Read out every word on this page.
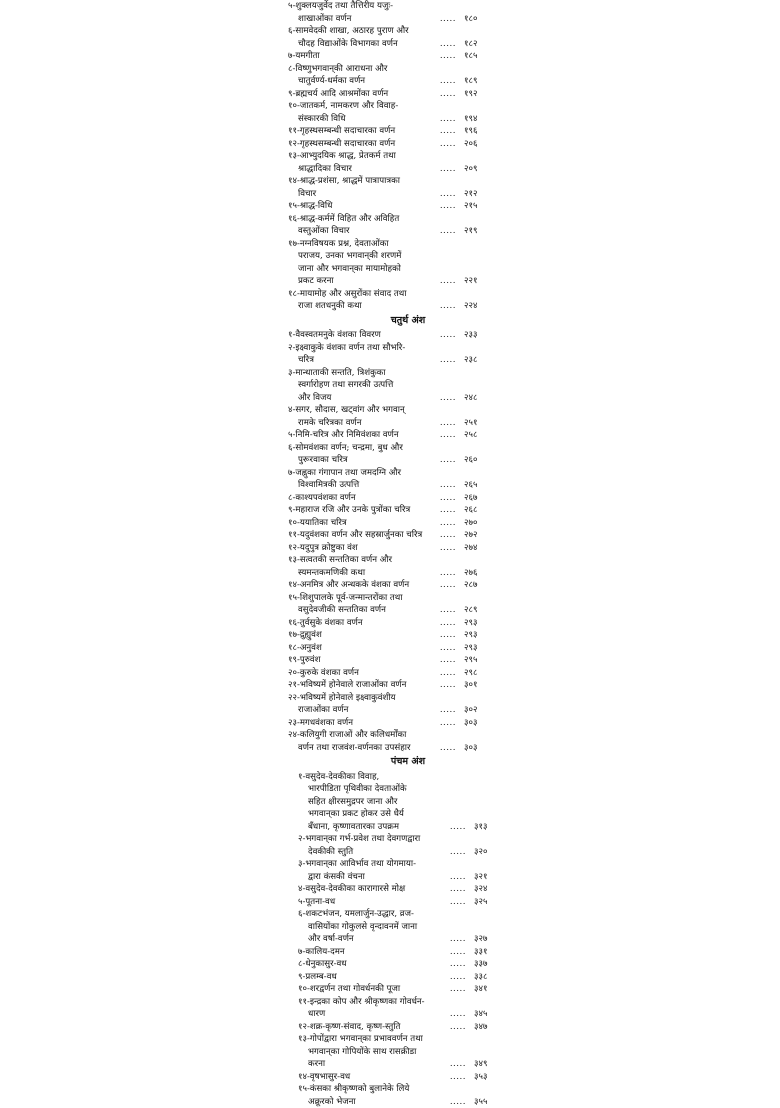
५-शुक्लयजुर्वेद तथा तैत्तिरीय यजुः-
शाखाओंका वर्णन	..... १८०
६-सामवेदकी शाखा, अठारह पुराण और
चौदह विद्याओंके विभागका वर्णन	..... १८२
७-यमगीता	..... १८५
८-विष्णुभगवान्‌की आराधना और
चातुर्वर्ण्य-धर्मका वर्णन	..... १८९
९-ब्रह्मचर्य आदि आश्रमोंका वर्णन	..... १९२
१०-जातकर्म, नामकरण और विवाह-
संस्कारकी विधि	..... १९४
११-गृहस्थसम्बन्धी सदाचारका वर्णन	..... १९६
१२-गृहस्थसम्बन्धी सदाचारका वर्णन	..... २०६
१३-आभ्युदयिक श्राद्ध, प्रेतकर्म तथा
श्राद्धादिका विचार	..... २०९
१४-श्राद्ध-प्रशंसा, श्राद्धमें पात्रापात्रका
विचार	..... २१२
१५-श्राद्ध-विधि	..... २१५
१६-श्राद्ध-कर्ममें विहित और अविहित
वस्तुओंका विचार	..... २१९
१७-नग्नविषयक प्रश्न, देवताओंका
पराजय, उनका भगवान्‌की शरणमें
जाना और भगवान्‌का मायामोहको
प्रकट करना	..... २२१
१८-मायामोह और असुरोंका संवाद तथा
राजा शतधनुकी कथा	..... २२४
चतुर्थ अंश
१-वैवस्वतमनुके वंशका विवरण	..... २३३
२-इक्ष्वाकुके वंशका वर्णन तथा सौभरि-
चरित्र	..... २३८
३-मान्धाताकी सन्तति, त्रिशंकुका
स्वर्गारोहण तथा सगरकी उत्पत्ति
और विजय	..... २४८
४-सगर, सौदास, खट्वांग और भगवान्
रामके चरित्रका वर्णन	..... २५१
५-निमि-चरित्र और निमिवंशका वर्णन	..... २५८
६-सोमवंशका वर्णन; चन्द्रमा, बुध और
पुरूरवाका चरित्र	..... २६०
७-जह्नुका गंगापान तथा जमदग्नि और
विश्वामित्रकी उत्पत्ति	..... २६५
८-काश्यपवंशका वर्णन	..... २६७
९-महाराज रजि और उनके पुत्रोंका चरित्र	..... २६८
१०-ययातिका चरित्र	..... २७०
११-यदुवंशका वर्णन और सहस्रार्जुनका चरित्र	..... २७२
१२-यदुपुत्र क्रोष्टुका वंश	..... २७४
१३-सत्वतकी सन्ततिका वर्णन और
स्यमन्तकमणिकी कथा	..... २७६
१४-अनमित्र और अन्धकके वंशका वर्णन	..... २८७
१५-शिशुपालके पूर्व-जन्मान्तरोंका तथा
वसुदेवजीकी सन्ततिका वर्णन	..... २८९
१६-तुर्वसुके वंशका वर्णन	..... २९३
१७-द्रुह्युवंश	..... २९३
१८-अनुवंश	..... २९३
१९-पुरुवंश	..... २९५
२०-कुरुके वंशका वर्णन	..... २९८
२१-भविष्यमें होनेवाले राजाओंका वर्णन	..... ३०१
२२-भविष्यमें होनेवाले इक्ष्वाकुवंशीय
राजाओंका वर्णन	..... ३०२
२३-मगधवंशका वर्णन	..... ३०३
२४-कलियुगी राजाओं और कलिधर्मोंका
वर्णन तथा राजवंश-वर्णनका उपसंहार	..... ३०३
पंचम अंश
१-वसुदेव-देवकीका विवाह,
भारपीडिता पृथिवीका देवताओंके
सहित क्षीरसमुद्रपर जाना और
भगवान्‌का प्रकट होकर उसे धैर्य
बँधाना, कृष्णावतारका उपक्रम	..... ३१३
२-भगवान्‌का गर्भ-प्रवेश तथा देवगणद्वारा
देवकीकी स्तुति	..... ३२०
३-भगवान्‌का आविर्भाव तथा योगमाया-
द्वारा कंसकी वंचना	..... ३२१
४-वसुदेव-देवकीका कारागारसे मोक्ष	..... ३२४
५-पूतना-वध	..... ३२५
६-शकटभंजन, यमलार्जुन-उद्धार, व्रज-
वासियोंका गोकुलसे वृन्दावनमें जाना
और वर्षा-वर्णन	..... ३२७
७-कालिय-दमन	..... ३३१
८-धेनुकासुर-वध	..... ३३७
९-प्रलम्ब-वध	..... ३३८
१०-शरद्वर्णन तथा गोवर्धनकी पूजा	..... ३४१
११-इन्द्रका कोप और श्रीकृष्णका गोवर्धन-
धारण	..... ३४५
१२-शक्र-कृष्ण-संवाद, कृष्ण-स्तुति	..... ३४७
१३-गोपोंद्वारा भगवान्‌का प्रभाववर्णन तथा
भगवान्‌का गोपियोंके साथ रासक्रीडा
करना	..... ३४९
१४-वृषभासुर-वध	..... ३५३
१५-कंसका श्रीकृष्णको बुलानेके लिये
अक्रूरको भेजना	..... ३५५
